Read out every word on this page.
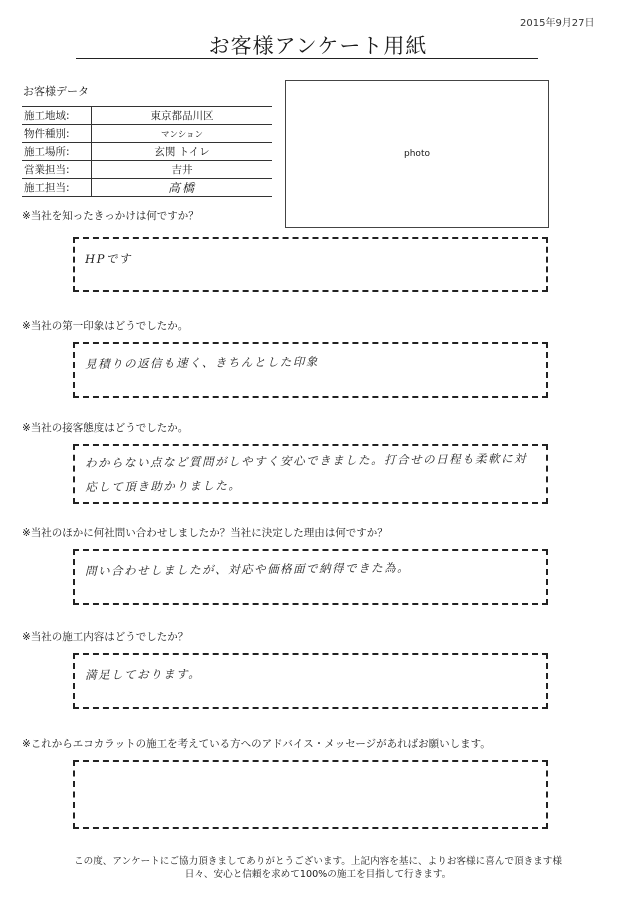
2015年9月27日
お客様アンケート用紙
お客様データ
施工地域:	東京都品川区
物件種別:	マンション
施工場所:	玄関 トイレ
営業担当:	吉井
施工担当:	高橋
photo
※当社を知ったきっかけは何ですか？
HPです
※当社の第一印象はどうでしたか。
見積りの返信も速く、きちんとした印象
※当社の接客態度はどうでしたか。
わからない点など質問がしやすく安心できました。打合せの日程も柔軟に対応して頂き助かりました。
※当社のほかに何社問い合わせしましたか？当社に決定した理由は何ですか？
問い合わせしましたが、対応や価格面で納得できた為。
※当社の施工内容はどうでしたか？
満足しております。
※これからエコカラットの施工を考えている方へのアドバイス・メッセージがあればお願いします。
この度、アンケートにご協力頂きましてありがとうございます。上記内容を基に、よりお客様に喜んで頂きます様
日々、安心と信頼を求めて100%の施工を目指して行きます。
